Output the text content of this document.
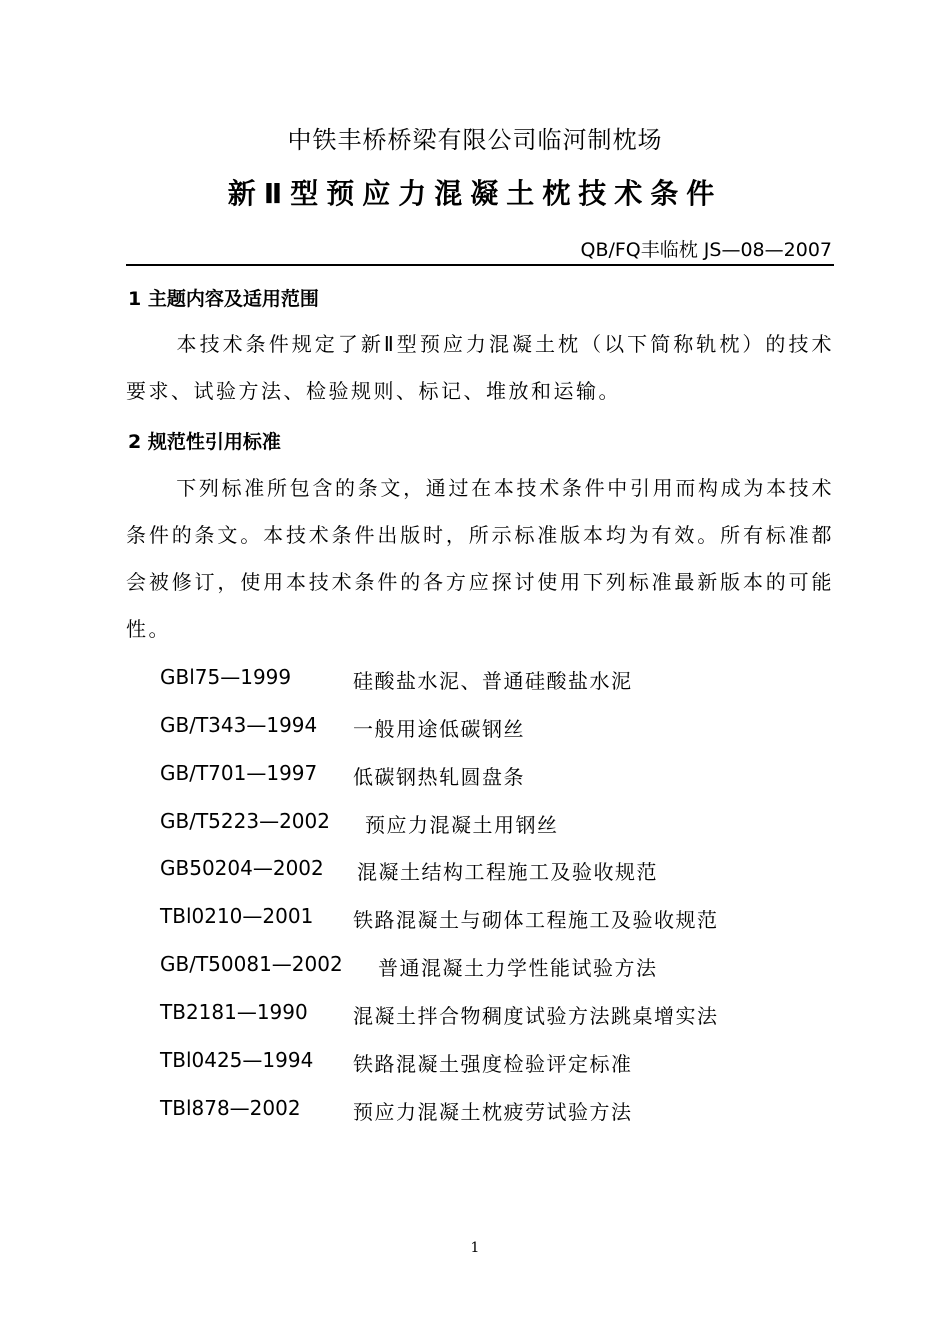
中铁丰桥桥梁有限公司临河制枕场
新Ⅱ型预应力混凝土枕技术条件
QB/FQ丰临枕 JS—08—2007
1 主题内容及适用范围
本技术条件规定了新Ⅱ型预应力混凝土枕（以下简称轨枕）的技术要求、试验方法、检验规则、标记、堆放和运输。
2 规范性引用标准
下列标准所包含的条文，通过在本技术条件中引用而构成为本技术条件的条文。本技术条件出版时，所示标准版本均为有效。所有标准都会被修订，使用本技术条件的各方应探讨使用下列标准最新版本的可能性。
GBl75—1999	硅酸盐水泥、普通硅酸盐水泥
GB/T343—1994 一般用途低碳钢丝
GB/T701—1997 低碳钢热轧圆盘条
GB/T5223—2002 预应力混凝土用钢丝
GB50204—2002 混凝土结构工程施工及验收规范
TBl0210—2001 铁路混凝土与砌体工程施工及验收规范
GB/T50081—2002 普通混凝土力学性能试验方法
TB2181—1990 混凝土拌合物稠度试验方法跳桌增实法
TBl0425—1994 铁路混凝土强度检验评定标准
TBl878—2002	预应力混凝土枕疲劳试验方法
1
